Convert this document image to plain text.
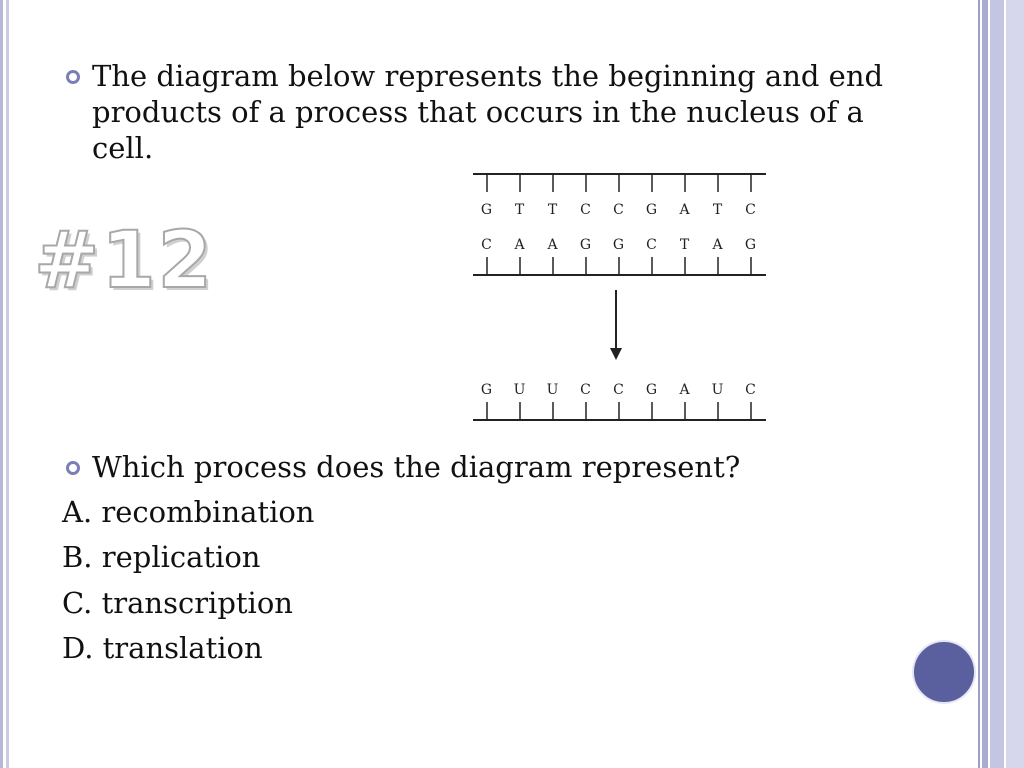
The diagram below represents the beginning and end
products of a process that occurs in the nucleus of a
cell.
#12
G T T C C G A T C
C A A G G C T A G
G U U C C G A U C
Which process does the diagram represent?
A. recombination
B. replication
C. transcription
D. translation
